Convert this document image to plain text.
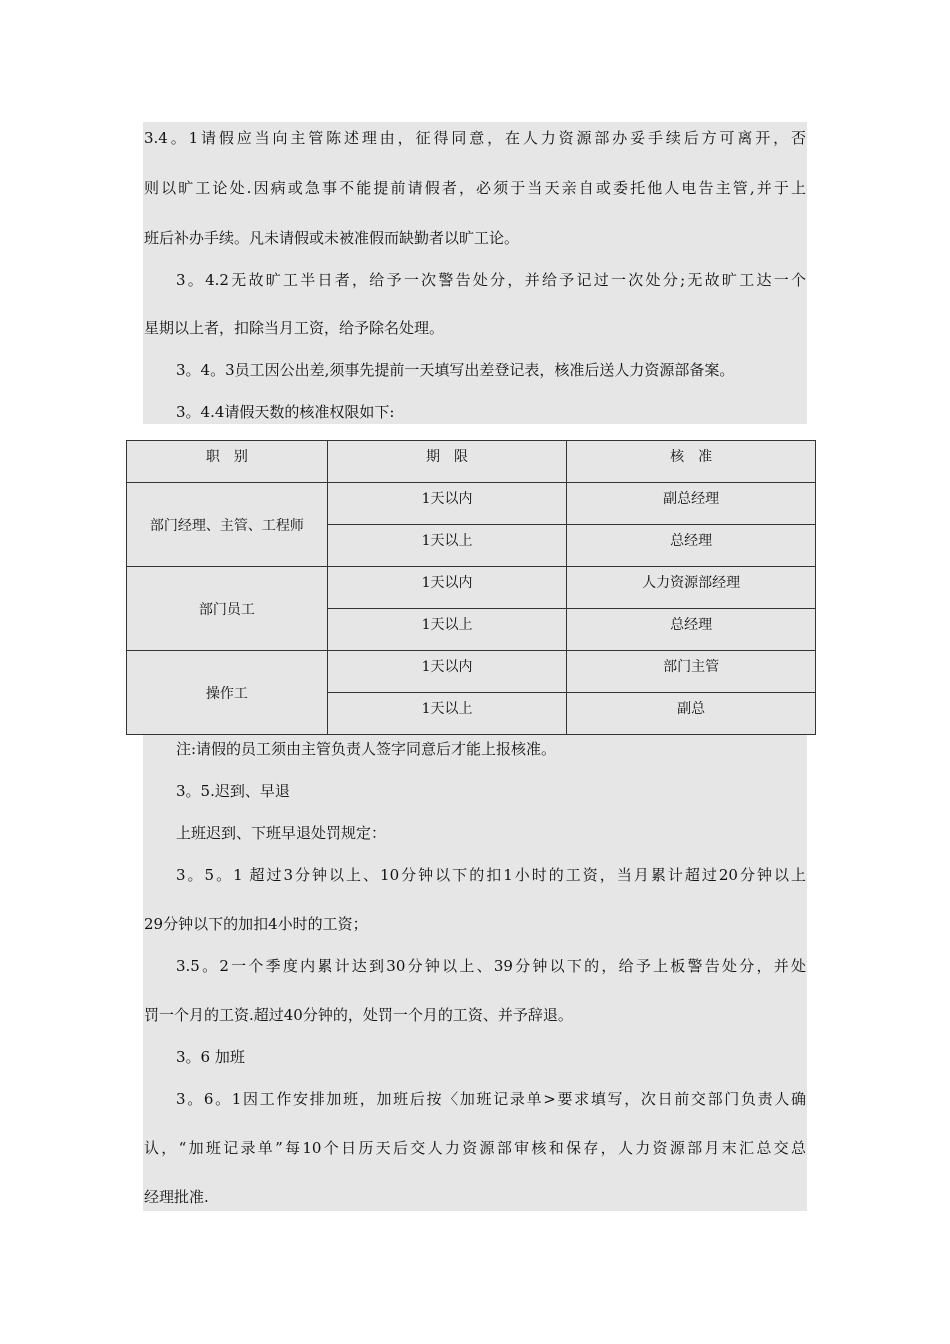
3.4。1请假应当向主管陈述理由，征得同意，在人力资源部办妥手续后方可离开，否
则以旷工论处.因病或急事不能提前请假者，必须于当天亲自或委托他人电告主管,并于上
班后补办手续。凡未请假或未被准假而缺勤者以旷工论。
3。4.2无故旷工半日者，给予一次警告处分，并给予记过一次处分;无故旷工达一个
星期以上者，扣除当月工资，给予除名处理。
3。4。3员工因公出差,须事先提前一天填写出差登记表，核准后送人力资源部备案。
3。4.4请假天数的核准权限如下:
职　别	期　限	核　准
部门经理、主管、工程师	1天以内	副总经理
	1天以上	总经理
部门员工	1天以内	人力资源部经理
	1天以上	总经理
操作工	1天以内	部门主管
	1天以上	副总
注:请假的员工须由主管负责人签字同意后才能上报核准。
3。5.迟到、早退
上班迟到、下班早退处罚规定：
3。5。1 超过3分钟以上、10分钟以下的扣1小时的工资，当月累计超过20分钟以上
29分钟以下的加扣4小时的工资；
3.5。2一个季度内累计达到30分钟以上、39分钟以下的，给予上板警告处分，并处
罚一个月的工资.超过40分钟的，处罚一个月的工资、并予辞退。
3。6 加班
3。6。1因工作安排加班，加班后按〈加班记录单>要求填写，次日前交部门负责人确
认，“加班记录单”每10个日历天后交人力资源部审核和保存，人力资源部月末汇总交总
经理批准.
